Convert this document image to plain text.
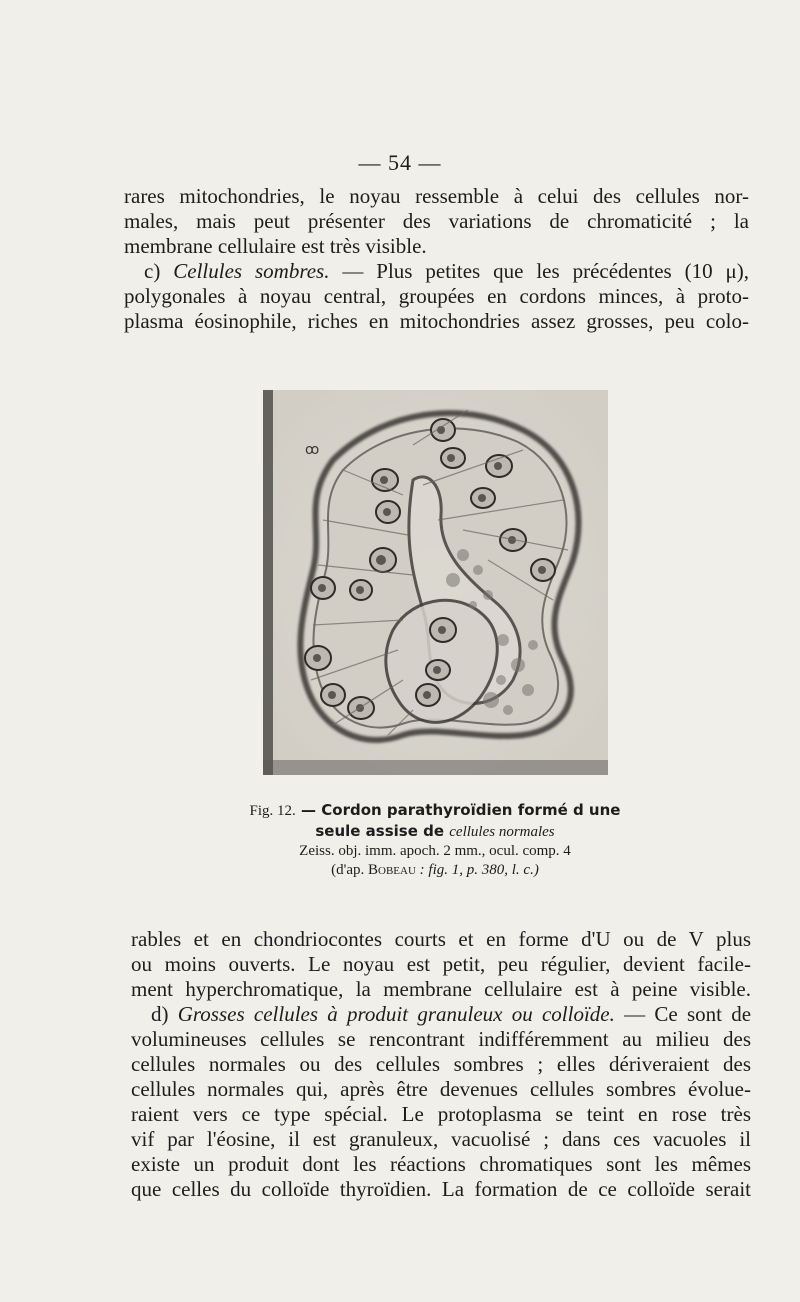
— 54 —
rares mitochondries, le noyau ressemble à celui des cellules nor-
males, mais peut présenter des variations de chromaticité ; la
membrane cellulaire est très visible.
c) Cellules sombres. — Plus petites que les précédentes (10 μ),
polygonales à noyau central, groupées en cordons minces, à proto-
plasma éosinophile, riches en mitochondries assez grosses, peu colo-
ꝏ
Fig. 12. — Cordon parathyroïdien formé d une
seule assise de cellules normales
Zeiss. obj. imm. apoch. 2 mm., ocul. comp. 4
(d'ap. Bobeau : fig. 1, p. 380, l. c.)
rables et en chondriocontes courts et en forme d'U ou de V plus
ou moins ouverts. Le noyau est petit, peu régulier, devient facile-
ment hyperchromatique, la membrane cellulaire est à peine visible.
d) Grosses cellules à produit granuleux ou colloïde. — Ce sont de
volumineuses cellules se rencontrant indifféremment au milieu des
cellules normales ou des cellules sombres ; elles dériveraient des
cellules normales qui, après être devenues cellules sombres évolue-
raient vers ce type spécial. Le protoplasma se teint en rose très
vif par l'éosine, il est granuleux, vacuolisé ; dans ces vacuoles il
existe un produit dont les réactions chromatiques sont les mêmes
que celles du colloïde thyroïdien. La formation de ce colloïde serait
